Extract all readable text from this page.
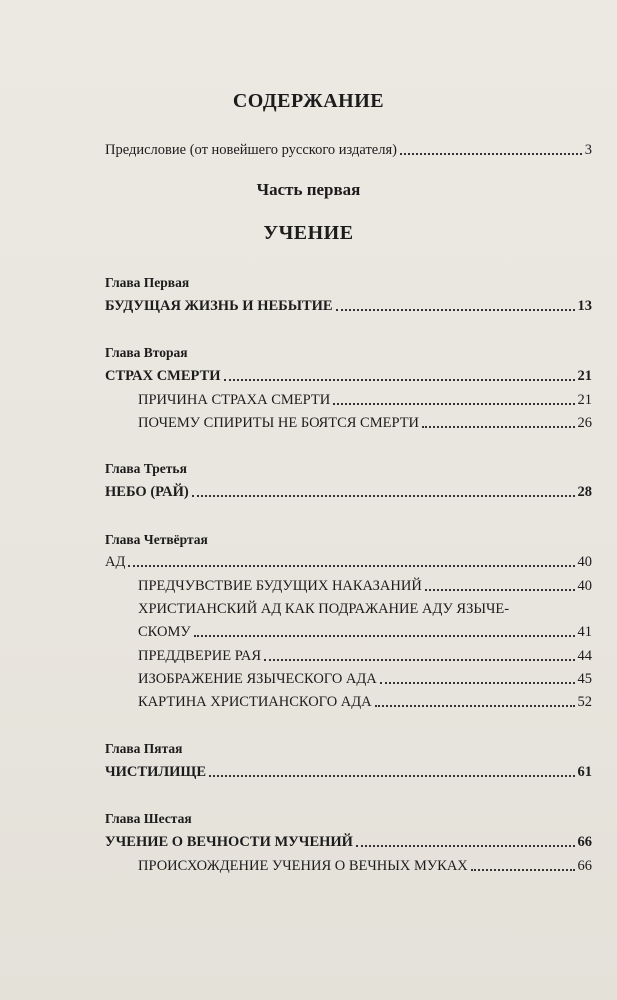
СОДЕРЖАНИЕ
Предисловие (от новейшего русского издателя)	3
Часть первая
УЧЕНИЕ
Глава Первая
БУДУЩАЯ ЖИЗНЬ И НЕБЫТИЕ	13
Глава Вторая
СТРАХ СМЕРТИ	21
ПРИЧИНА СТРАХА СМЕРТИ	21
ПОЧЕМУ СПИРИТЫ НЕ БОЯТСЯ СМЕРТИ	26
Глава Третья
НЕБО (РАЙ)	28
Глава Четвёртая
АД	40
ПРЕДЧУВСТВИЕ БУДУЩИХ НАКАЗАНИЙ	40
ХРИСТИАНСКИЙ АД КАК ПОДРАЖАНИЕ АДУ ЯЗЫЧЕ-
СКОМУ	41
ПРЕДДВЕРИЕ РАЯ	44
ИЗОБРАЖЕНИЕ ЯЗЫЧЕСКОГО АДА	45
КАРТИНА ХРИСТИАНСКОГО АДА	52
Глава Пятая
ЧИСТИЛИЩЕ	61
Глава Шестая
УЧЕНИЕ О ВЕЧНОСТИ МУЧЕНИЙ	66
ПРОИСХОЖДЕНИЕ УЧЕНИЯ О ВЕЧНЫХ МУКАХ	66
